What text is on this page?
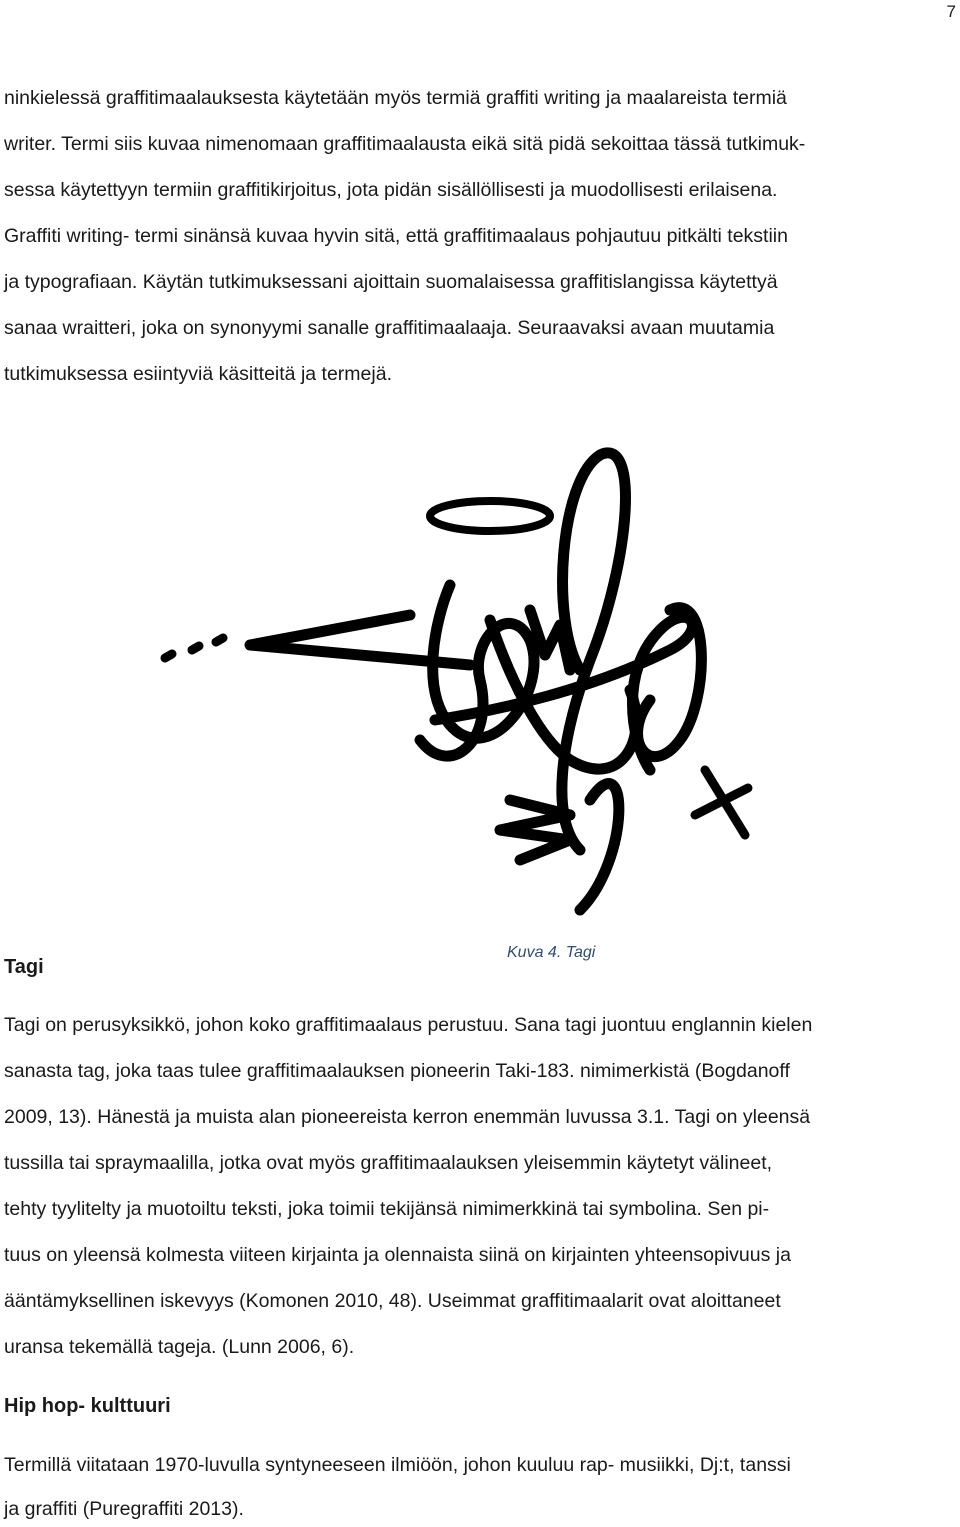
7
ninkielessä graffitimaalauksesta käytetään myös termiä graffiti writing ja maalareista termiä
writer. Termi siis kuvaa nimenomaan graffitimaalausta eikä sitä pidä sekoittaa tässä tutkimuk-
sessa käytettyyn termiin graffitikirjoitus, jota pidän sisällöllisesti ja muodollisesti erilaisena.
Graffiti writing- termi sinänsä kuvaa hyvin sitä, että graffitimaalaus pohjautuu pitkälti tekstiin
ja typografiaan. Käytän tutkimuksessani ajoittain suomalaisessa graffitislangissa käytettyä
sanaa wraitteri, joka on synonyymi sanalle graffitimaalaaja. Seuraavaksi avaan muutamia
tutkimuksessa esiintyviä käsitteitä ja termejä.
Kuva 4. Tagi
Tagi
Tagi on perusyksikkö, johon koko graffitimaalaus perustuu. Sana tagi juontuu englannin kielen
sanasta tag, joka taas tulee graffitimaalauksen pioneerin Taki-183. nimimerkistä (Bogdanoff
2009, 13). Hänestä ja muista alan pioneereista kerron enemmän luvussa 3.1. Tagi on yleensä
tussilla tai spraymaalilla, jotka ovat myös graffitimaalauksen yleisemmin käytetyt välineet,
tehty tyylitelty ja muotoiltu teksti, joka toimii tekijänsä nimimerkkinä tai symbolina. Sen pi-
tuus on yleensä kolmesta viiteen kirjainta ja olennaista siinä on kirjainten yhteensopivuus ja
ääntämyksellinen iskevyys (Komonen 2010, 48). Useimmat graffitimaalarit ovat aloittaneet
uransa tekemällä tageja. (Lunn 2006, 6).
Hip hop- kulttuuri
Termillä viitataan 1970-luvulla syntyneeseen ilmiöön, johon kuuluu rap- musiikki, Dj:t, tanssi
ja graffiti (Puregraffiti 2013).
